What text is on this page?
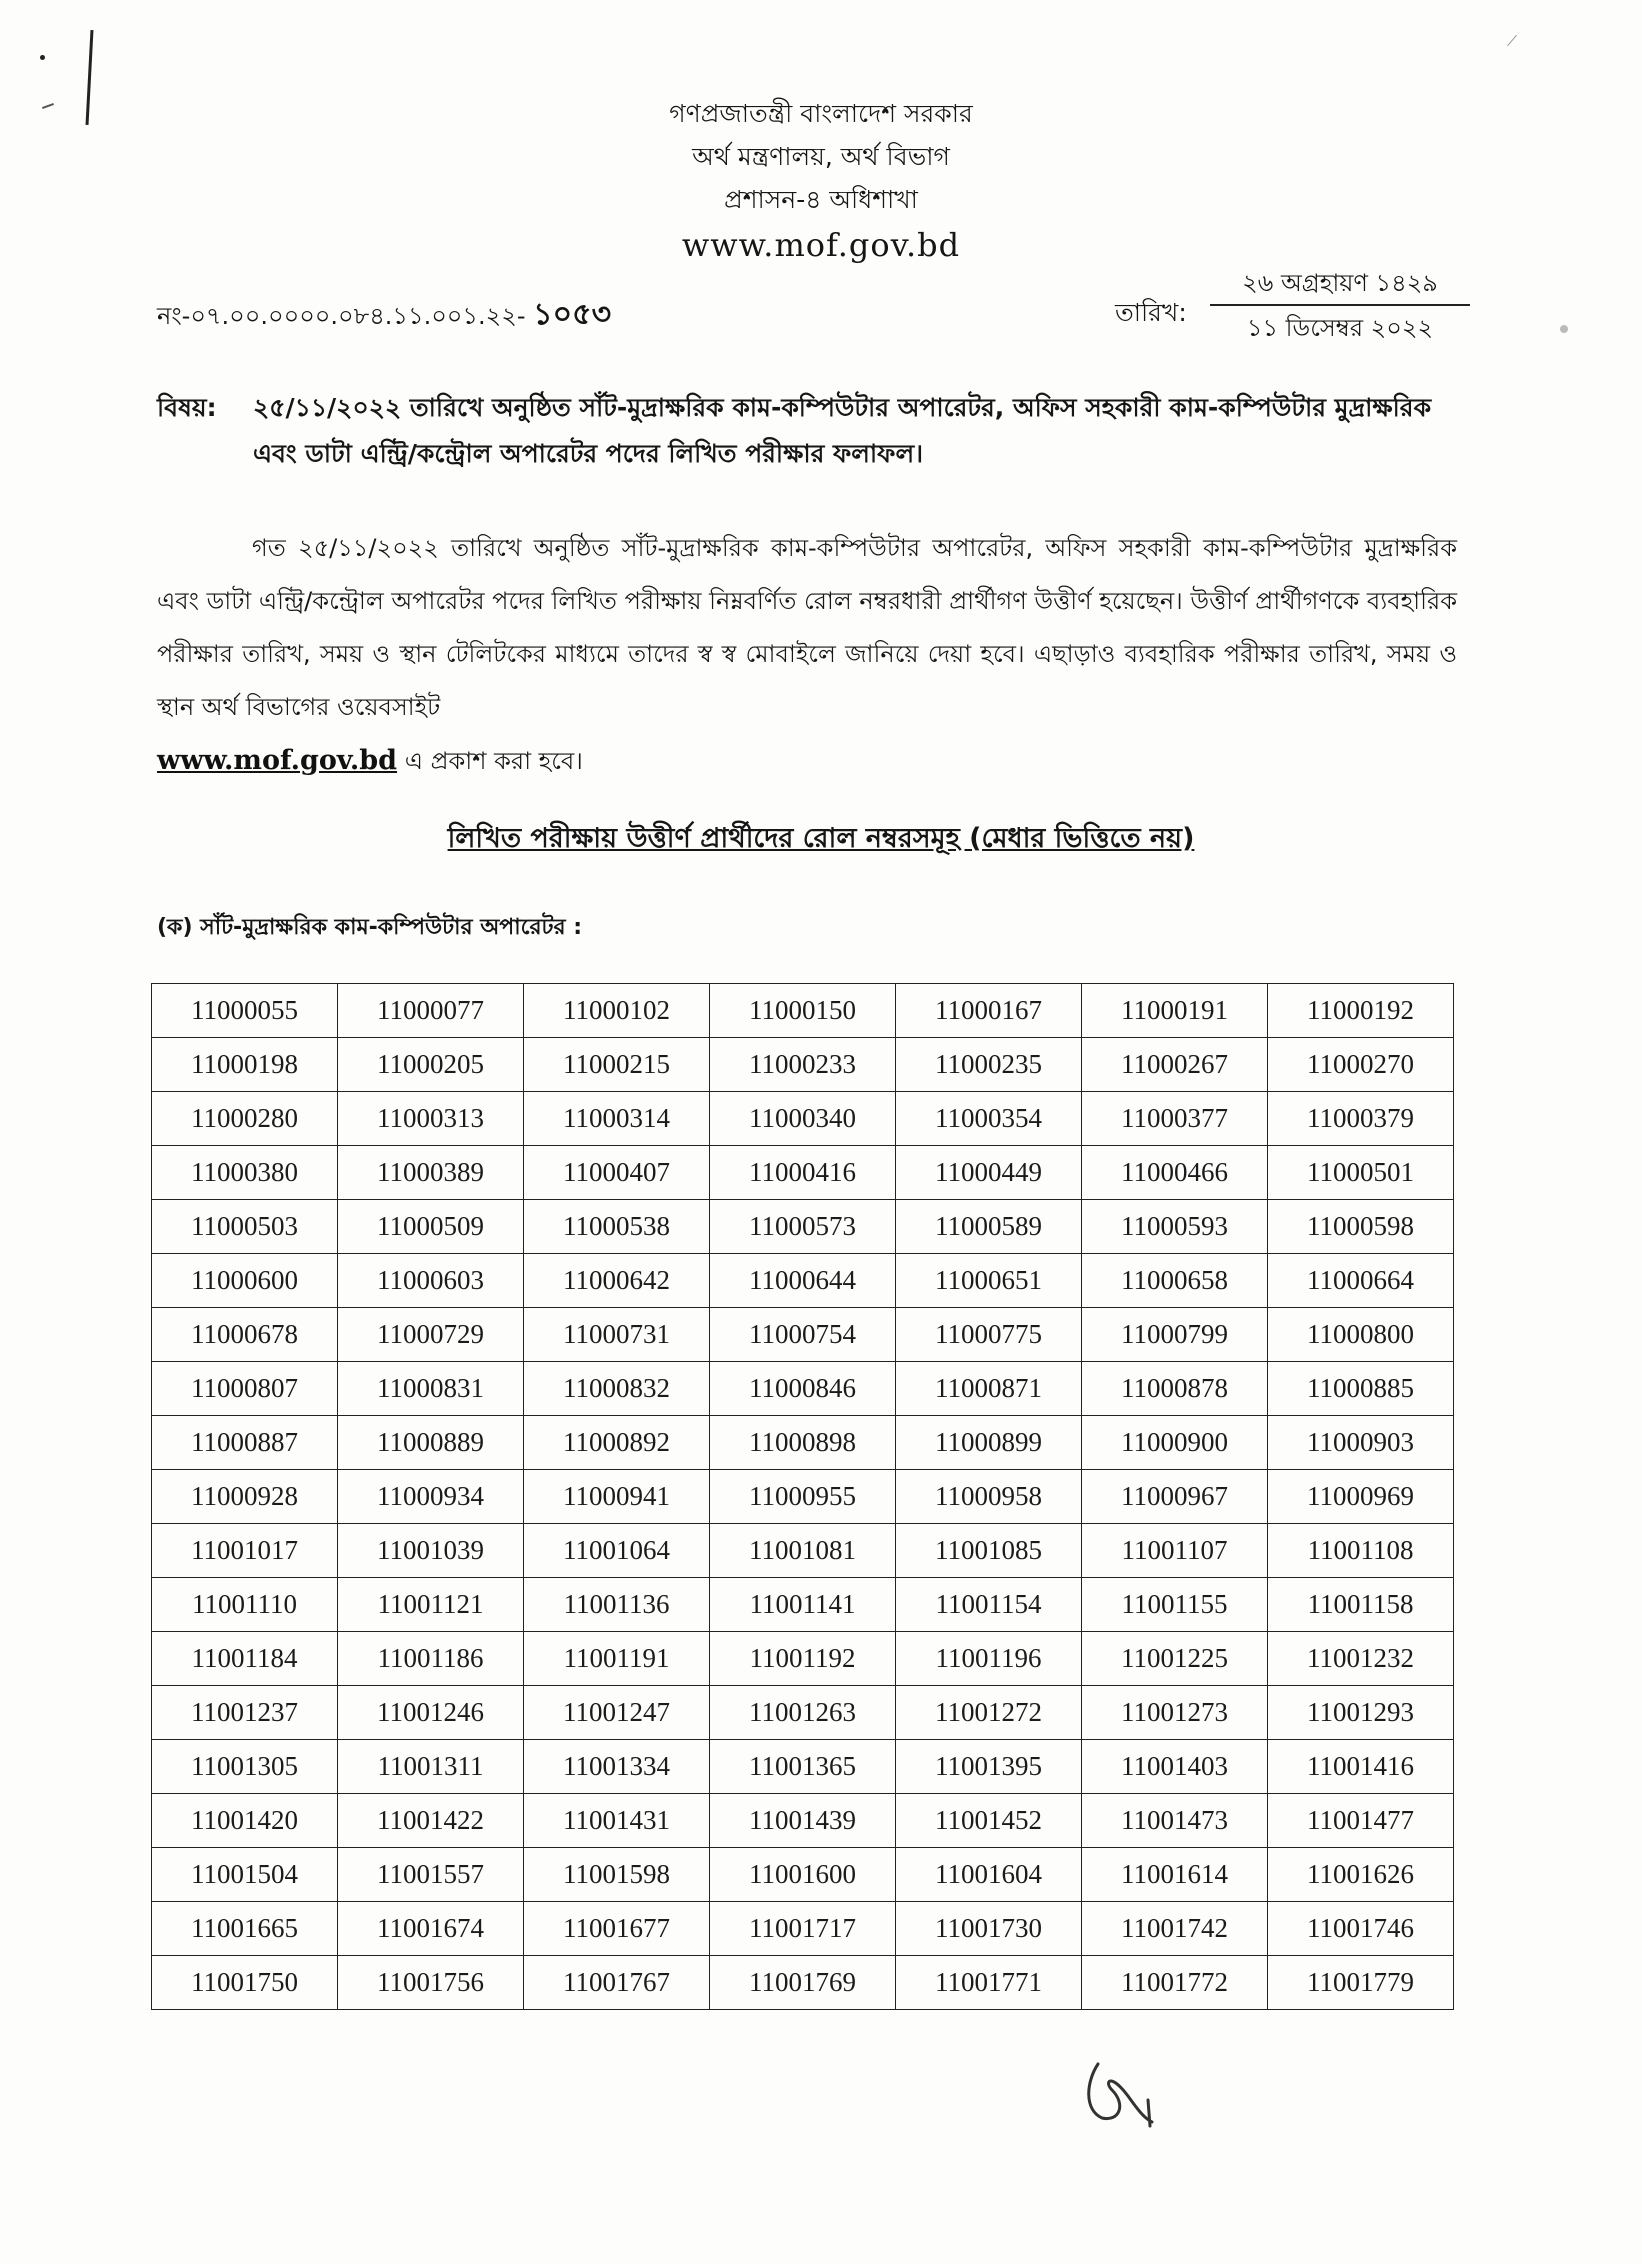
গণপ্রজাতন্ত্রী বাংলাদেশ সরকার
অর্থ মন্ত্রণালয়, অর্থ বিভাগ
প্রশাসন-৪ অধিশাখা
www.mof.gov.bd
নং-০৭.০০.০০০০.০৮৪.১১.০০১.২২- ১০৫৩	তারিখ:
২৬ অগ্রহায়ণ ১৪২৯
১১ ডিসেম্বর ২০২২
বিষয়: ২৫/১১/২০২২ তারিখে অনুষ্ঠিত সাঁট-মুদ্রাক্ষরিক কাম-কম্পিউটার অপারেটর, অফিস সহকারী কাম-কম্পিউটার মুদ্রাক্ষরিক এবং ডাটা এন্ট্রি/কন্ট্রোল অপারেটর পদের লিখিত পরীক্ষার ফলাফল।
গত ২৫/১১/২০২২ তারিখে অনুষ্ঠিত সাঁট-মুদ্রাক্ষরিক কাম-কম্পিউটার অপারেটর, অফিস সহকারী কাম-কম্পিউটার মুদ্রাক্ষরিক এবং ডাটা এন্ট্রি/কন্ট্রোল অপারেটর পদের লিখিত পরীক্ষায় নিম্নবর্ণিত রোল নম্বরধারী প্রার্থীগণ উত্তীর্ণ হয়েছেন। উত্তীর্ণ প্রার্থীগণকে ব্যবহারিক পরীক্ষার তারিখ, সময় ও স্থান টেলিটকের মাধ্যমে তাদের স্ব স্ব মোবাইলে জানিয়ে দেয়া হবে। এছাড়াও ব্যবহারিক পরীক্ষার তারিখ, সময় ও স্থান অর্থ বিভাগের ওয়েবসাইট
www.mof.gov.bd এ প্রকাশ করা হবে।
লিখিত পরীক্ষায় উত্তীর্ণ প্রার্থীদের রোল নম্বরসমূহ (মেধার ভিত্তিতে নয়)
(ক) সাঁট-মুদ্রাক্ষরিক কাম-কম্পিউটার অপারেটর :
11000055	11000077	11000102	11000150	11000167	11000191	11000192
11000198	11000205	11000215	11000233	11000235	11000267	11000270
11000280	11000313	11000314	11000340	11000354	11000377	11000379
11000380	11000389	11000407	11000416	11000449	11000466	11000501
11000503	11000509	11000538	11000573	11000589	11000593	11000598
11000600	11000603	11000642	11000644	11000651	11000658	11000664
11000678	11000729	11000731	11000754	11000775	11000799	11000800
11000807	11000831	11000832	11000846	11000871	11000878	11000885
11000887	11000889	11000892	11000898	11000899	11000900	11000903
11000928	11000934	11000941	11000955	11000958	11000967	11000969
11001017	11001039	11001064	11001081	11001085	11001107	11001108
11001110	11001121	11001136	11001141	11001154	11001155	11001158
11001184	11001186	11001191	11001192	11001196	11001225	11001232
11001237	11001246	11001247	11001263	11001272	11001273	11001293
11001305	11001311	11001334	11001365	11001395	11001403	11001416
11001420	11001422	11001431	11001439	11001452	11001473	11001477
11001504	11001557	11001598	11001600	11001604	11001614	11001626
11001665	11001674	11001677	11001717	11001730	11001742	11001746
11001750	11001756	11001767	11001769	11001771	11001772	11001779
